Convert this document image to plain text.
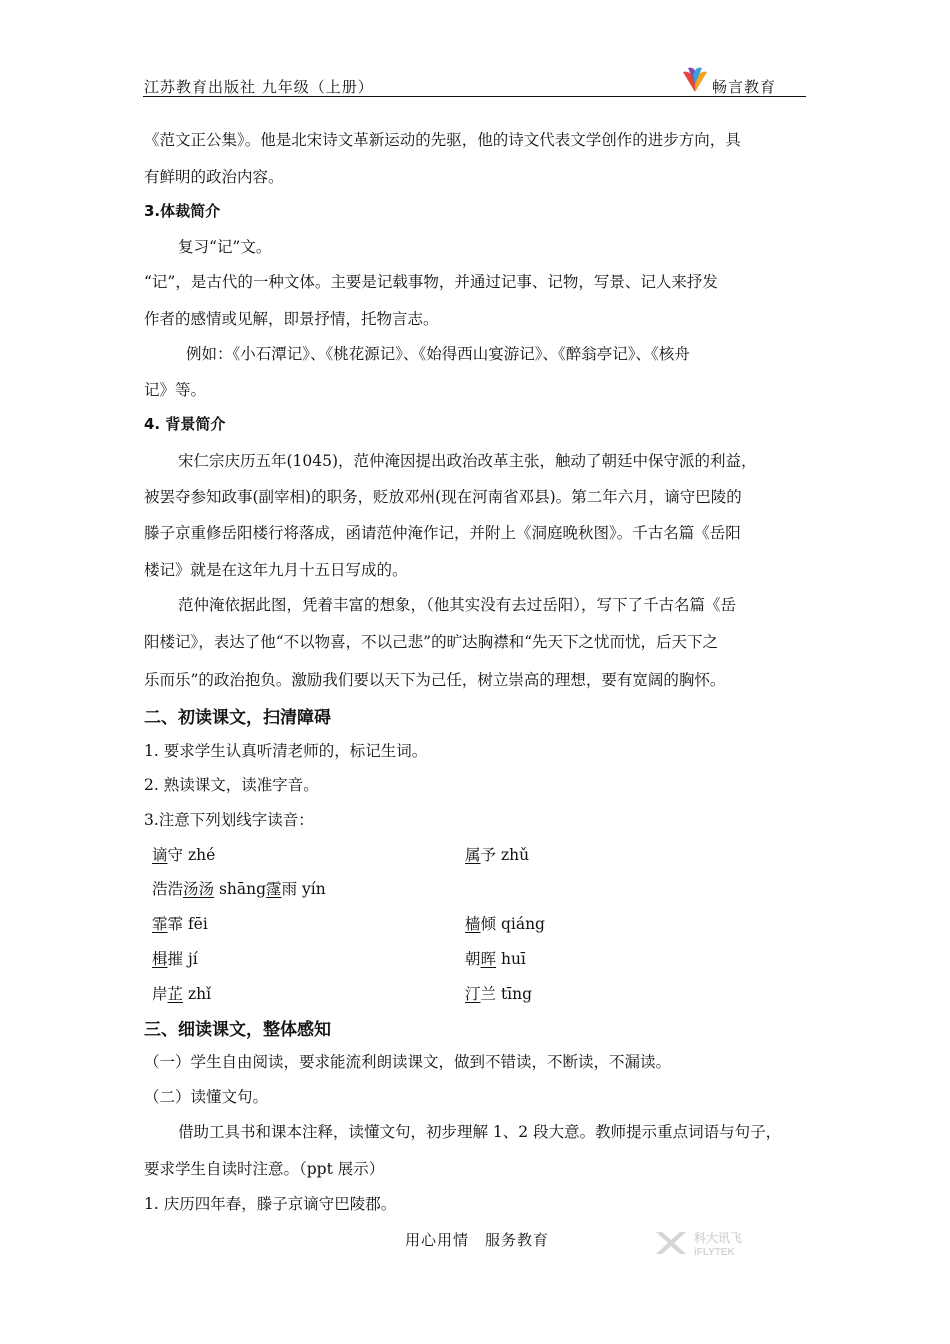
江苏教育出版社 九年级（上册）	畅言教育
《范文正公集》。他是北宋诗文革新运动的先驱，他的诗文代表文学创作的进步方向，具
有鲜明的政治内容。
3.体裁简介
复习“记”文。
“记”，是古代的一种文体。主要是记载事物，并通过记事、记物，写景、记人来抒发
作者的感情或见解，即景抒情，托物言志。
例如：《小石潭记》、《桃花源记》、《始得西山宴游记》、《醉翁亭记》、《核舟
记》等。
4. 背景简介
宋仁宗庆历五年(1045)，范仲淹因提出政治改革主张，触动了朝廷中保守派的利益，
被罢夺参知政事(副宰相)的职务，贬放邓州(现在河南省邓县)。第二年六月，谪守巴陵的
滕子京重修岳阳楼行将落成，函请范仲淹作记，并附上《洞庭晚秋图》。千古名篇《岳阳
楼记》就是在这年九月十五日写成的。
范仲淹依据此图，凭着丰富的想象，（他其实没有去过岳阳），写下了千古名篇《岳
阳楼记》，表达了他“不以物喜，不以己悲”的旷达胸襟和“先天下之忧而忧，后天下之
乐而乐”的政治抱负。激励我们要以天下为己任，树立崇高的理想，要有宽阔的胸怀。
二、初读课文，扫清障碍
1. 要求学生认真听清老师的，标记生词。
2. 熟读课文，读准字音。
3.注意下列划线字读音：
谪守 zhé	属予 zhǔ
浩浩汤汤 shāng霪雨 yín
霏霏 fēi	樯倾 qiáng
楫摧 jí	朝晖 huī
岸芷 zhǐ	汀兰 tīng
三、细读课文，整体感知
（一）学生自由阅读，要求能流利朗读课文，做到不错读，不断读，不漏读。
（二）读懂文句。
借助工具书和课本注释，读懂文句，初步理解 1、2 段大意。教师提示重点词语与句子，
要求学生自读时注意。（ppt 展示）
1. 庆历四年春，滕子京谪守巴陵郡。
用心用情　服务教育	科大讯飞
iFLYTEK
